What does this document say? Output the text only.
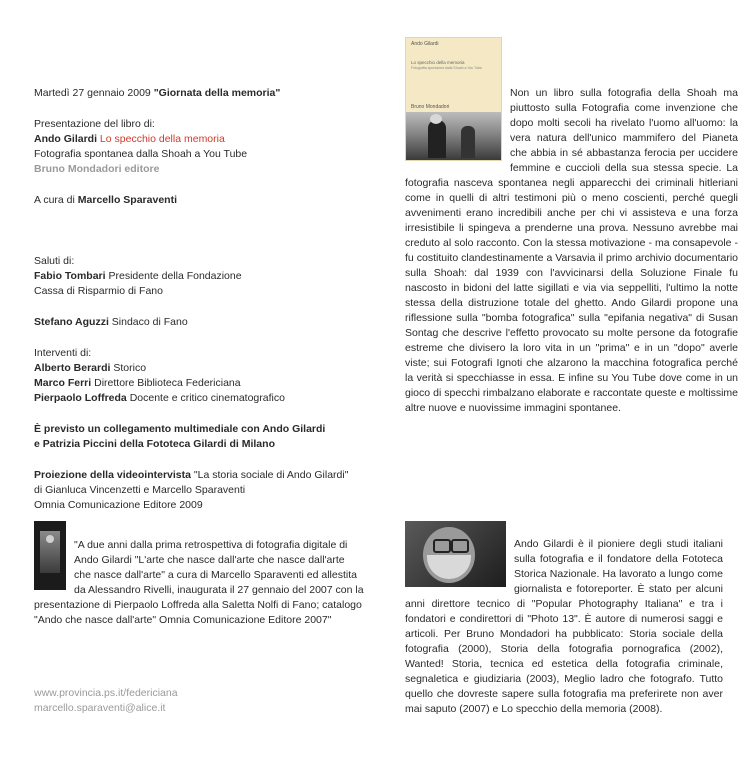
Martedì 27 gennaio 2009 "Giornata della memoria"

Presentazione del libro di:

Ando Gilardi Lo specchio della memoria

Fotografia spontanea dalla Shoah a You Tube

Bruno Mondadori editore

A cura di Marcello Sparaventi

Saluti di:

Fabio Tombari Presidente della Fondazione

Cassa di Risparmio di Fano

Stefano Aguzzi Sindaco di Fano

Interventi di:

Alberto Berardi Storico

Marco Ferri Direttore Biblioteca Federiciana

Pierpaolo Loffreda Docente e critico cinematografico

È previsto un collegamento multimediale con Ando Gilardi

e Patrizia Piccini della Fototeca Gilardi di Milano

Proiezione della videointervista "La storia sociale di Ando Gilardi"

di Gianluca Vincenzetti e Marcello Sparaventi

Omnia Comunicazione Editore 2009

Ando Gilardi
Lo specchio della memoria
Fotografia spontanea dalla Shoah a You Tube
Bruno Mondadori

Non un libro sulla fotografia della Shoah ma piuttosto sulla Fotografia come invenzione che dopo molti secoli ha rivelato l'uomo all'uomo: la vera natura dell'unico mammifero del Pianeta che abbia in sé abbastanza ferocia per uccidere femmine e cuccioli della sua stessa specie. La fotografia nasceva spontanea negli apparecchi dei criminali hitleriani come in quelli di altri testimoni più o meno coscienti, perché quegli avvenimenti erano incredibili anche per chi vi assisteva e una forza irresistibile li spingeva a prenderne una prova. Nessuno avrebbe mai creduto al solo racconto. Con la stessa motivazione - ma consapevole - fu costituito clandestinamente a Varsavia il primo archivio documentario sulla Shoah: dal 1939 con l'avvicinarsi della Soluzione Finale fu nascosto in bidoni del latte sigillati e via via seppelliti, l'ultimo la notte stessa della distruzione totale del ghetto. Ando Gilardi propone una riflessione sulla "bomba fotografica" sulla "epifania negativa" di Susan Sontag che descrive l'effetto provocato su molte persone da fotografie estreme che divisero la loro vita in un "prima" e in un "dopo" averle viste; sui Fotografi Ignoti che alzarono la macchina fotografica perché la verità si specchiasse in essa. E infine su You Tube dove come in un gioco di specchi rimbalzano elaborate e raccontate queste e moltissime altre nuove e nuovissime immagini spontanee.

"A due anni dalla prima retrospettiva di fotografia digitale di Ando Gilardi "L'arte che nasce dall'arte che nasce dall'arte che nasce dall'arte" a cura di Marcello Sparaventi ed allestita da Alessandro Rivelli, inaugurata il 27 gennaio del 2007 con la presentazione di Pierpaolo Loffreda alla Saletta Nolfi di Fano; catalogo "Ando che nasce dall'arte" Omnia Comunicazione Editore 2007"

Ando Gilardi è il pioniere degli studi italiani sulla fotografia e il fondatore della Fototeca Storica Nazionale. Ha lavorato a lungo come giornalista e fotoreporter. È stato per alcuni anni direttore tecnico di "Popular Photography Italiana" e tra i fondatori e condirettori di "Photo 13". È autore di numerosi saggi e articoli. Per Bruno Mondadori ha pubblicato: Storia sociale della fotografia (2000), Storia della fotografia pornografica (2002), Wanted! Storia, tecnica ed estetica della fotografia criminale, segnaletica e giudiziaria (2003), Meglio ladro che fotografo. Tutto quello che dovreste sapere sulla fotografia ma preferirete non aver mai saputo (2007) e Lo specchio della memoria (2008).

www.provincia.ps.it/federiciana

marcello.sparaventi@alice.it
